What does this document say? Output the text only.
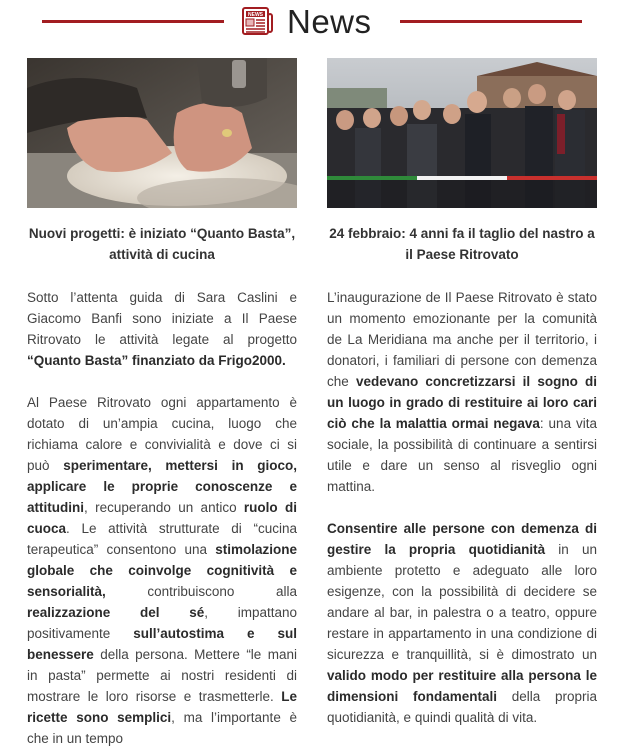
NEWS News
Nuovi progetti: è iniziato “Quanto Basta”, attività di cucina

Sotto l’attenta guida di Sara Caslini e Giacomo Banfi sono iniziate a Il Paese Ritrovato le attività legate al progetto “Quanto Basta” finanziato da Frigo2000.

Al Paese Ritrovato ogni appartamento è dotato di un’ampia cucina, luogo che richiama calore e convivialità e dove ci si può sperimentare, mettersi in gioco, applicare le proprie conoscenze e attitudini, recuperando un antico ruolo di cuoca. Le attività strutturate di “cucina terapeutica” consentono una stimolazione globale che coinvolge cognitività e sensorialità, contribuiscono alla realizzazione del sé, impattano positivamente sull’autostima e sul benessere della persona. Mettere “le mani in pasta” permette ai nostri residenti di mostrare le loro risorse e trasmetterle. Le ricette sono semplici, ma l’importante è che in un tempo

24 febbraio: 4 anni fa il taglio del nastro a il Paese Ritrovato

L’inaugurazione de Il Paese Ritrovato è stato un momento emozionante per la comunità de La Meridiana ma anche per il territorio, i donatori, i familiari di persone con demenza che vedevano concretizzarsi il sogno di un luogo in grado di restituire ai loro cari ciò che la malattia ormai negava: una vita sociale, la possibilità di continuare a sentirsi utile e dare un senso al risveglio ogni mattina.

Consentire alle persone con demenza di gestire la propria quotidianità in un ambiente protetto e adeguato alle loro esigenze, con la possibilità di decidere se andare al bar, in palestra o a teatro, oppure restare in appartamento in una condizione di sicurezza e tranquillità, si è dimostrato un valido modo per restituire alla persona le dimensioni fondamentali della propria quotidianità, e quindi qualità di vita.
